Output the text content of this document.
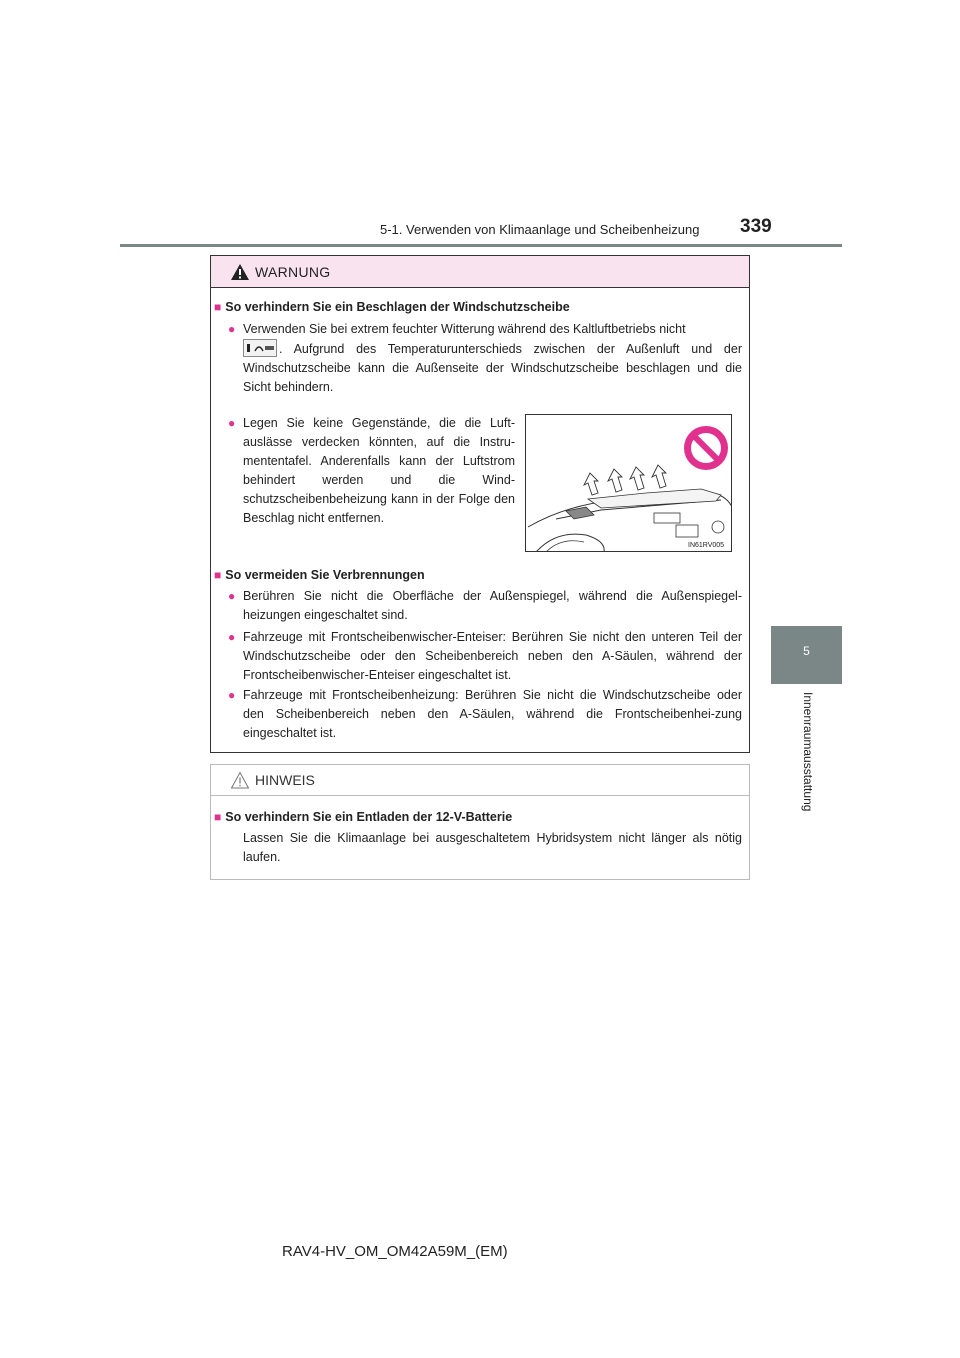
5-1. Verwenden von Klimaanlage und Scheibenheizung 339
5
Innenraumausstattung
WARNUNG
■ So verhindern Sie ein Beschlagen der Windschutzscheibe
● Verwenden Sie bei extrem feuchter Witterung während des Kaltluftbetriebs nicht
. Aufgrund des Temperaturunterschieds zwischen der Außenluft und der Windschutzscheibe kann die Außenseite der Windschutzscheibe beschlagen und die Sicht behindern.
● Legen Sie keine Gegenstände, die die Luft-auslässe verdecken könnten, auf die Instru-mententafel. Anderenfalls kann der Luftstrom behindert werden und die Wind-schutzscheibenbeheizung kann in der Folge den Beschlag nicht entfernen.
IN61RV005
■ So vermeiden Sie Verbrennungen
● Berühren Sie nicht die Oberfläche der Außenspiegel, während die Außenspiegel-heizungen eingeschaltet sind.
● Fahrzeuge mit Frontscheibenwischer-Enteiser: Berühren Sie nicht den unteren Teil der Windschutzscheibe oder den Scheibenbereich neben den A-Säulen, während der Frontscheibenwischer-Enteiser eingeschaltet ist.
● Fahrzeuge mit Frontscheibenheizung: Berühren Sie nicht die Windschutzscheibe oder den Scheibenbereich neben den A-Säulen, während die Frontscheibenhei-zung eingeschaltet ist.
HINWEIS
■ So verhindern Sie ein Entladen der 12-V-Batterie
Lassen Sie die Klimaanlage bei ausgeschaltetem Hybridsystem nicht länger als nötig laufen.
RAV4-HV_OM_OM42A59M_(EM)
